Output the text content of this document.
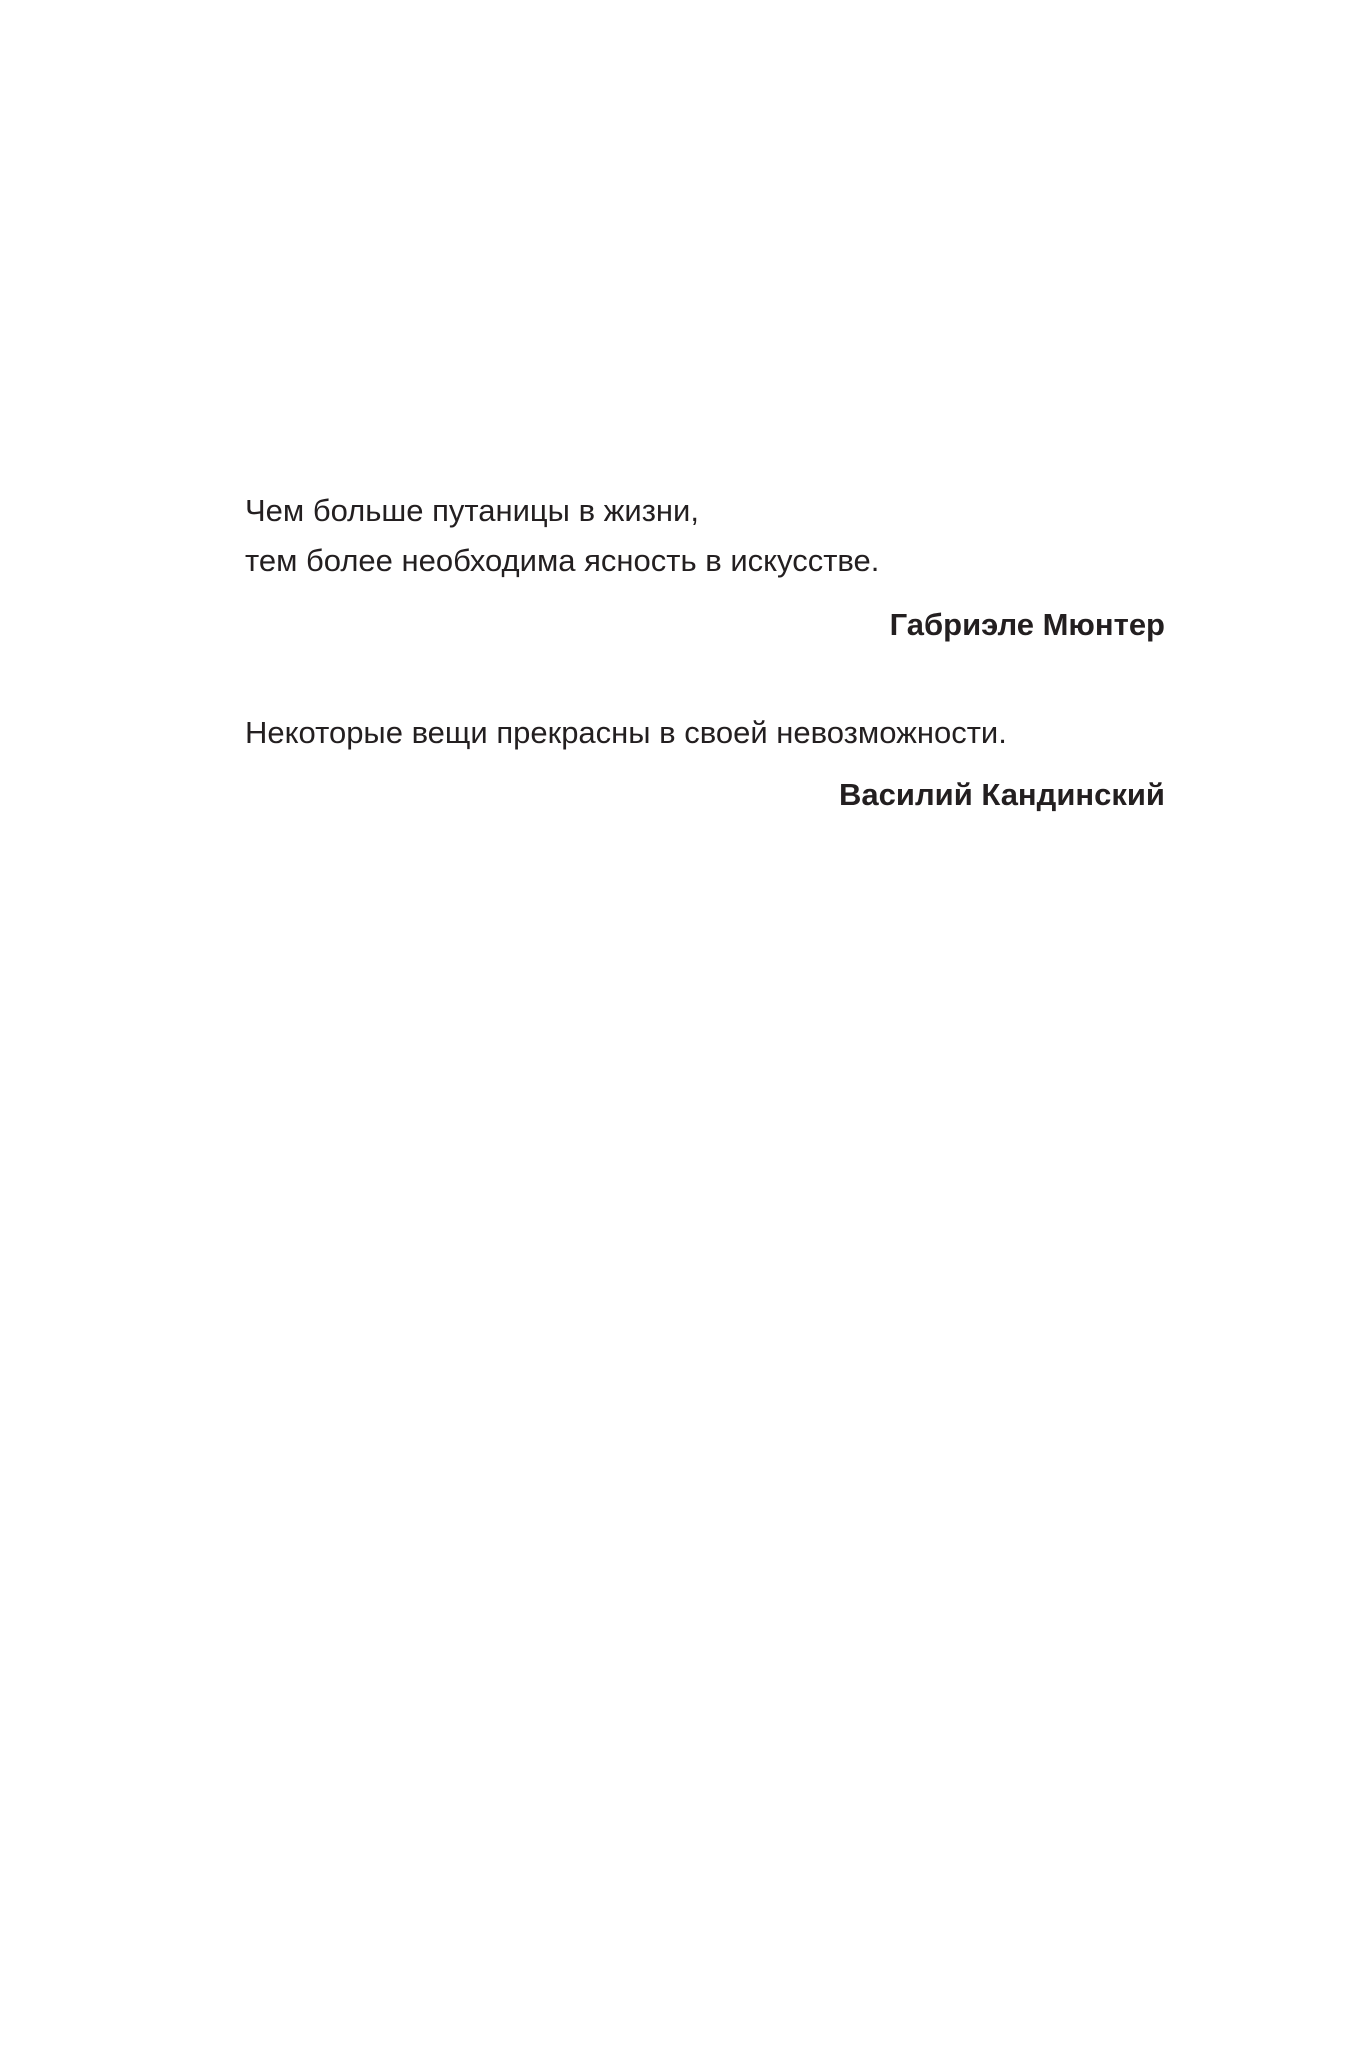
Чем больше путаницы в жизни,
тем более необходима ясность в искусстве.
Габриэле Мюнтер
Некоторые вещи прекрасны в своей невозможности.
Василий Кандинский
